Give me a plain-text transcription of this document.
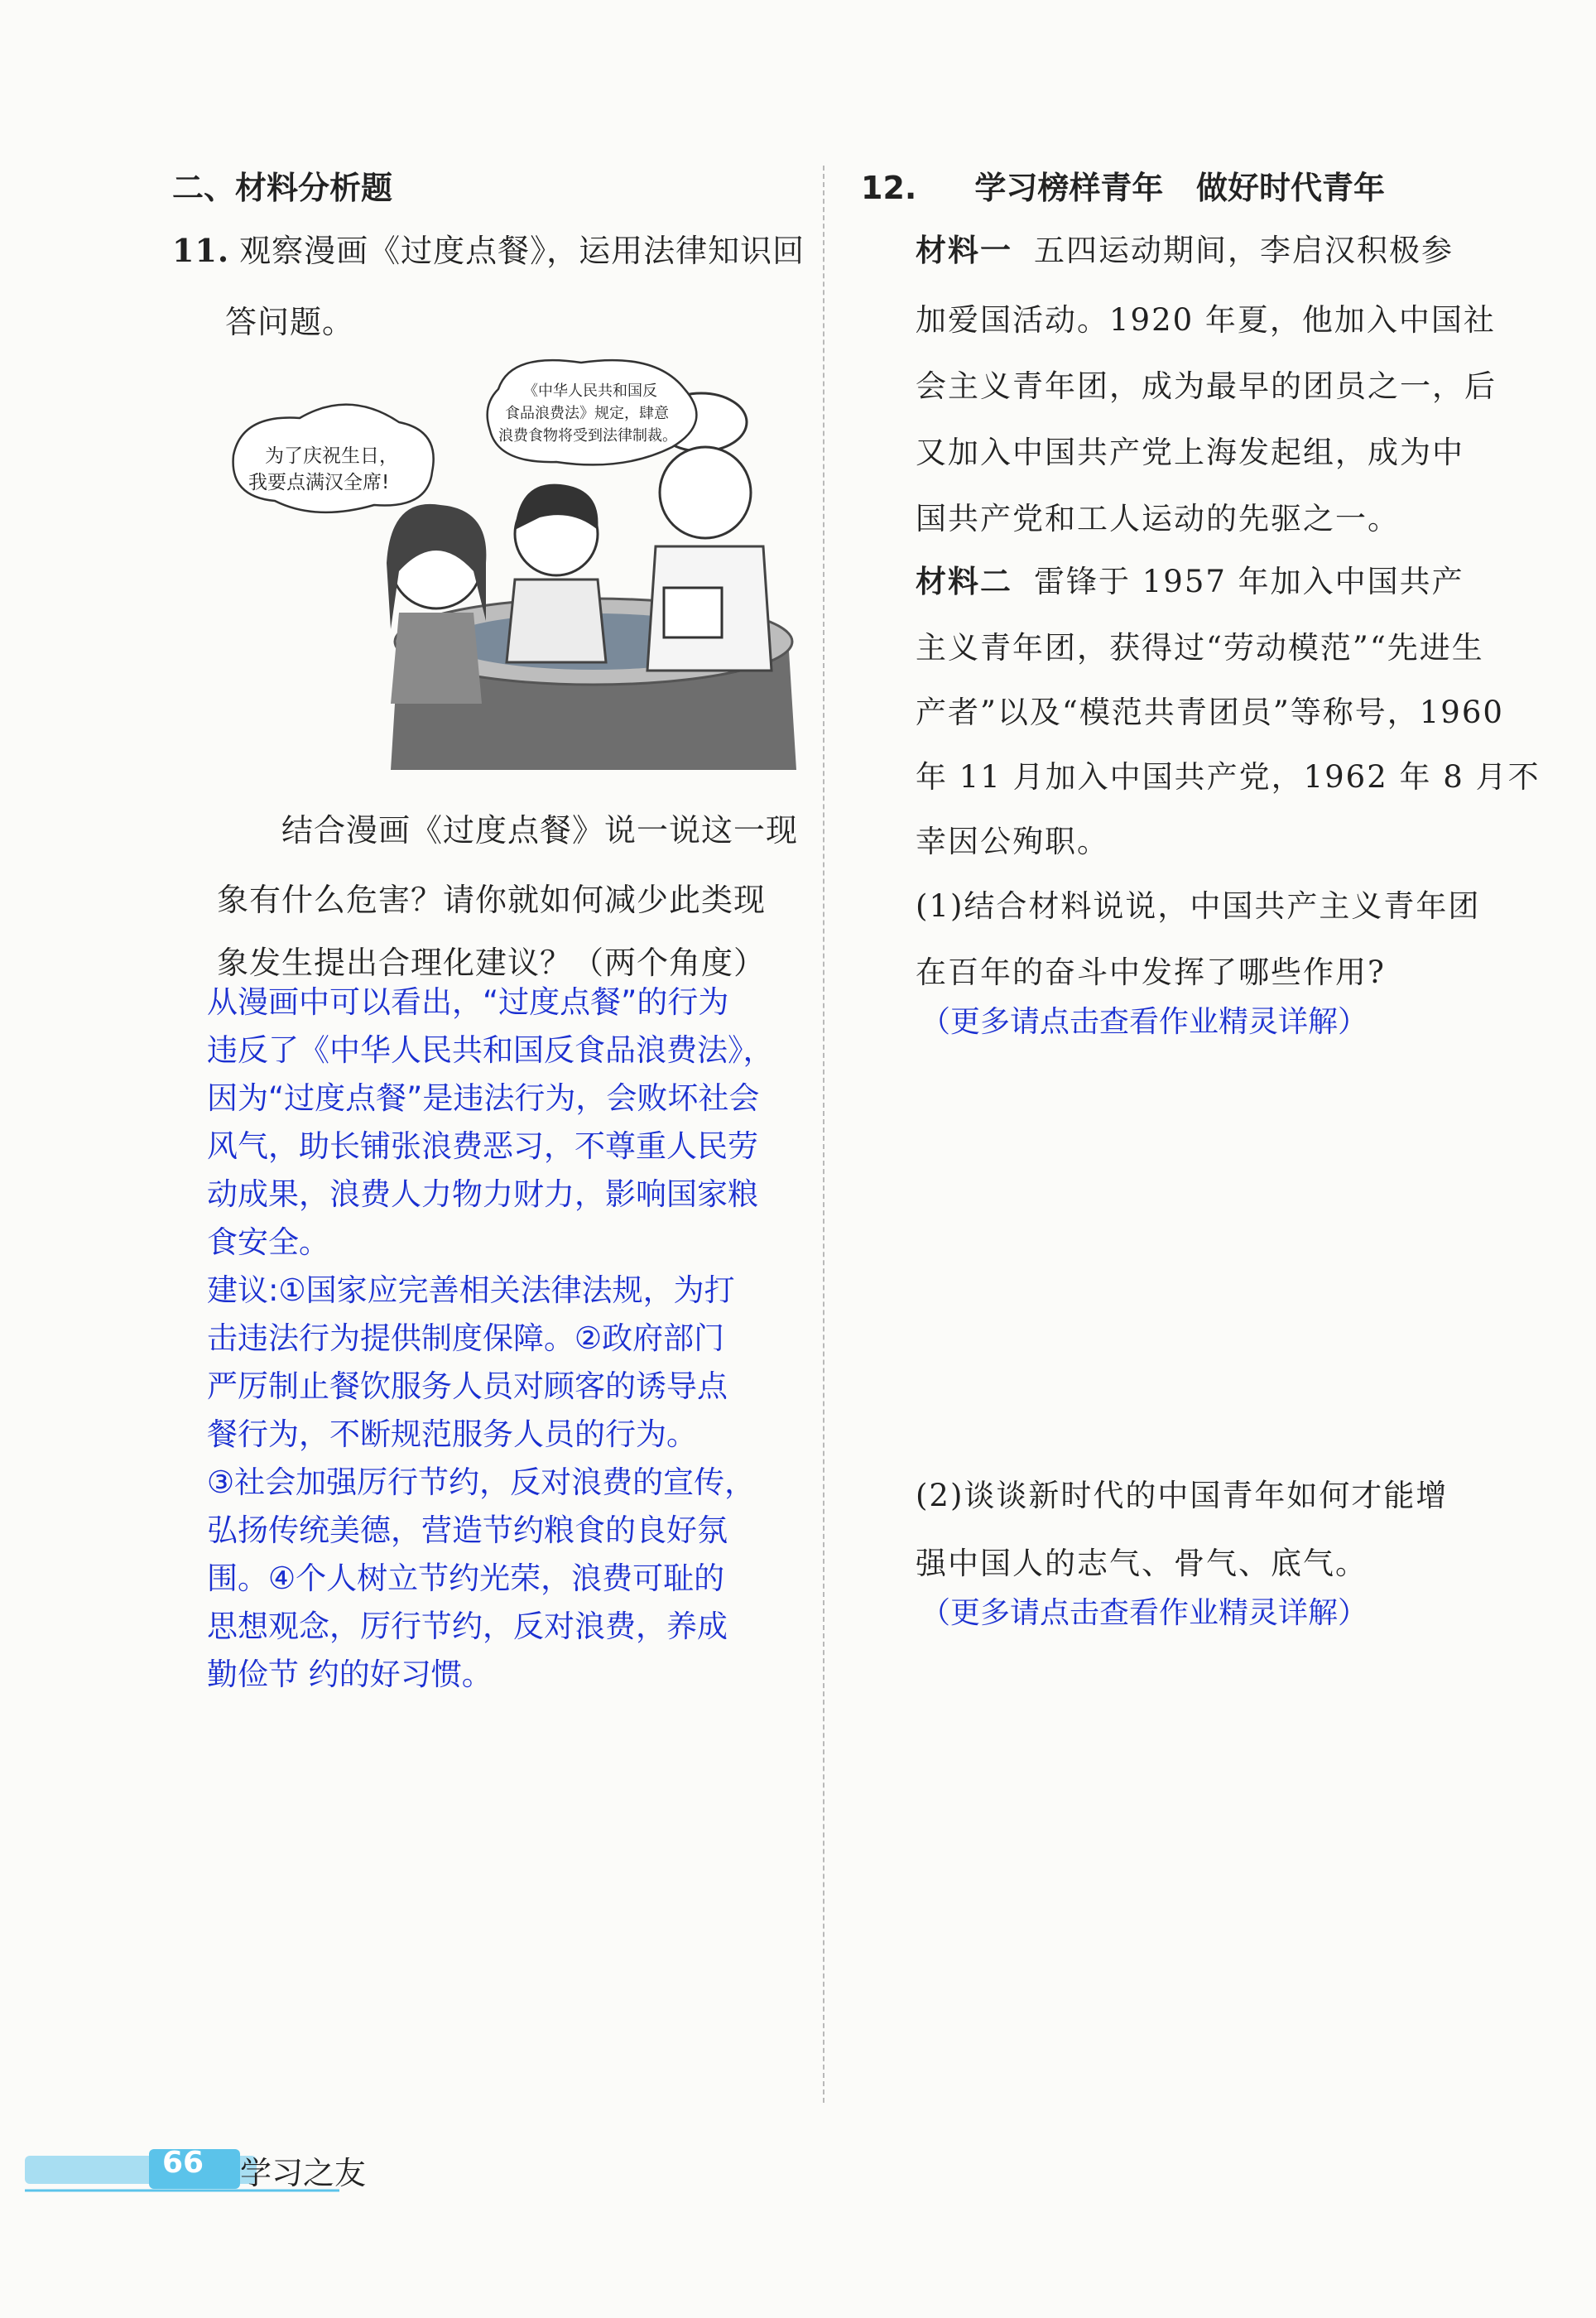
二、材料分析题
11. 观察漫画《过度点餐》，运用法律知识回
答问题。
为了庆祝生日，
我要点满汉全席!
《中华人民共和国反
食品浪费法》规定，肆意
浪费食物将受到法律制裁。
结合漫画《过度点餐》说一说这一现
象有什么危害？请你就如何减少此类现
象发生提出合理化建议？（两个角度）
从漫画中可以看出，“过度点餐”的行为
违反了《中华人民共和国反食品浪费法》，
因为“过度点餐”是违法行为，会败坏社会
风气，助长铺张浪费恶习，不尊重人民劳
动成果，浪费人力物力财力，影响国家粮
食安全。
建议:①国家应完善相关法律法规，为打
击违法行为提供制度保障。②政府部门
严厉制止餐饮服务人员对顾客的诱导点
餐行为，不断规范服务人员的行为。
③社会加强厉行节约，反对浪费的宣传，
弘扬传统美德，营造节约粮食的良好氛
围。④个人树立节约光荣，浪费可耻的
思想观念，厉行节约，反对浪费，养成
勤俭节 约的好习惯。
12. 学习榜样青年 做好时代青年
材料一 五四运动期间，李启汉积极参
加爱国活动。1920 年夏，他加入中国社
会主义青年团，成为最早的团员之一，后
又加入中国共产党上海发起组，成为中
国共产党和工人运动的先驱之一。
材料二 雷锋于 1957 年加入中国共产
主义青年团，获得过“劳动模范”“先进生
产者”以及“模范共青团员”等称号，1960
年 11 月加入中国共产党，1962 年 8 月不
幸因公殉职。
(1)结合材料说说，中国共产主义青年团
在百年的奋斗中发挥了哪些作用?
（更多请点击查看作业精灵详解）
(2)谈谈新时代的中国青年如何才能增
强中国人的志气、骨气、底气。
（更多请点击查看作业精灵详解）
66 学习之友
